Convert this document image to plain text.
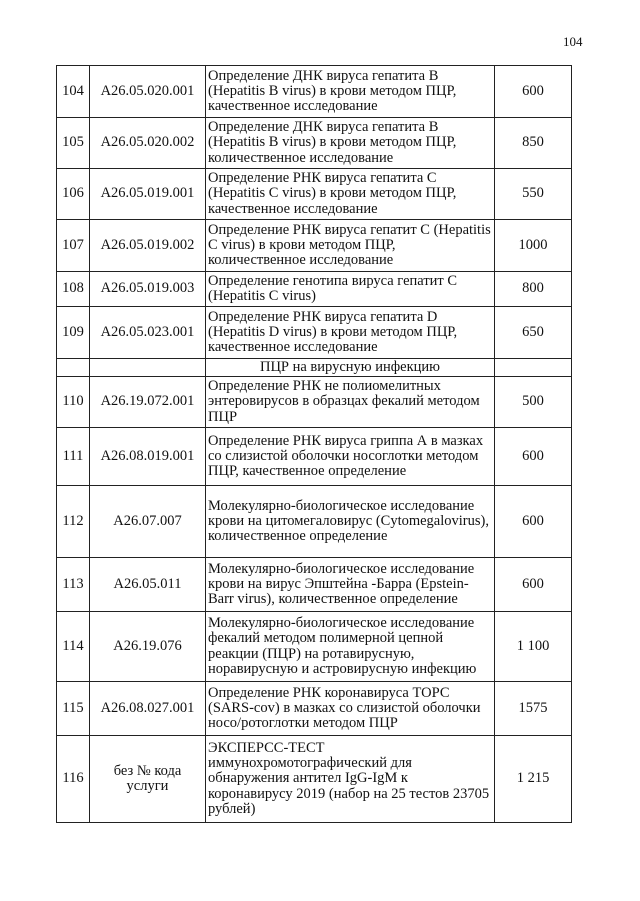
104
104	A26.05.020.001	Определение ДНК вируса гепатита В (Hepatitis B virus) в крови методом ПЦР, качественное исследование	600
105	A26.05.020.002	Определение ДНК вируса гепатита В (Hepatitis B virus) в крови методом ПЦР, количественное исследование	850
106	A26.05.019.001	Определение РНК вируса гепатита С (Hepatitis C virus) в крови методом ПЦР, качественное исследование	550
107	A26.05.019.002	Определение РНК вируса гепатит С (Hepatitis C virus) в крови методом ПЦР, количественное исследование	1000
108	A26.05.019.003	Определение генотипа вируса гепатит С (Hepatitis C virus)	800
109	A26.05.023.001	Определение РНК вируса гепатита D (Hepatitis D virus) в крови методом ПЦР, качественное исследование	650
		ПЦР на вирусную инфекцию	
110	A26.19.072.001	Определение РНК не полиомелитных энтеровирусов в образцах фекалий методом ПЦР	500
111	A26.08.019.001	Определение РНК вируса гриппа А в мазках со слизистой оболочки носоглотки методом ПЦР, качественное определение	600
112	A26.07.007	Молекулярно-биологическое исследование крови на цитомегаловирус (Cytomegalovirus), количественное определение	600
113	A26.05.011	Молекулярно-биологическое исследование крови на вирус Эпштейна -Барра (Epstein-Barr virus), количественное определение	600
114	A26.19.076	Молекулярно-биологическое исследование фекалий методом полимерной цепной реакции (ПЦР) на ротавирусную, норавирусную и астровирусную инфекцию	1 100
115	A26.08.027.001	Определение РНК коронавируса ТОРС (SARS-cov) в мазках со слизистой оболочки носо/ротоглотки методом ПЦР	1575
116	без № кода услуги	ЭКСПЕРСС-ТЕСТ иммунохромотографический для обнаружения антител IgG-IgM к коронавирусу 2019 (набор на 25 тестов 23705 рублей)	1 215
